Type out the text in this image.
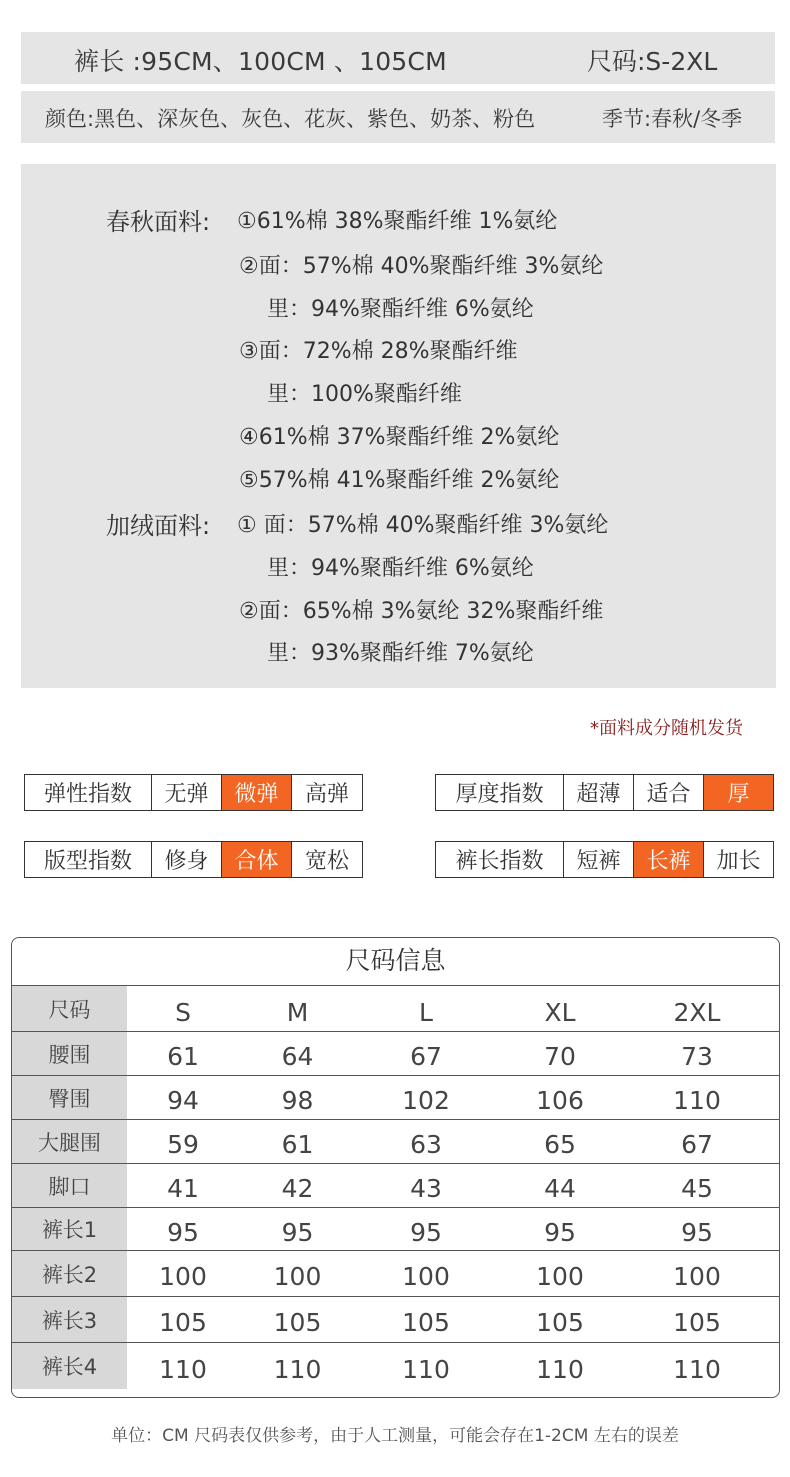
裤长 :95CM、100CM 、105CM	尺码:S-2XL
颜色:黑色、深灰色、灰色、花灰、紫色、奶茶、粉色	季节:春秋/冬季
春秋面料: ①61%棉 38%聚酯纤维 1%氨纶
②面：57%棉 40%聚酯纤维 3%氨纶
里：94%聚酯纤维 6%氨纶
③面：72%棉 28%聚酯纤维
里：100%聚酯纤维
④61%棉 37%聚酯纤维 2%氨纶
⑤57%棉 41%聚酯纤维 2%氨纶
加绒面料: ① 面：57%棉 40%聚酯纤维 3%氨纶
里：94%聚酯纤维 6%氨纶
②面：65%棉 3%氨纶 32%聚酯纤维
里：93%聚酯纤维 7%氨纶
*面料成分随机发货
弹性指数	无弹	微弹	高弹	厚度指数	超薄	适合	厚
版型指数	修身	合体	宽松	裤长指数	短裤	长裤	加长
尺码信息
尺码	S	M	L	XL	2XL
腰围	61	64	67	70	73
臀围	94	98	102	106	110
大腿围	59	61	63	65	67
脚口	41	42	43	44	45
裤长1	95	95	95	95	95
裤长2	100	100	100	100	100
裤长3	105	105	105	105	105
裤长4	110	110	110	110	110
单位：CM 尺码表仅供参考，由于人工测量，可能会存在1-2CM 左右的误差
